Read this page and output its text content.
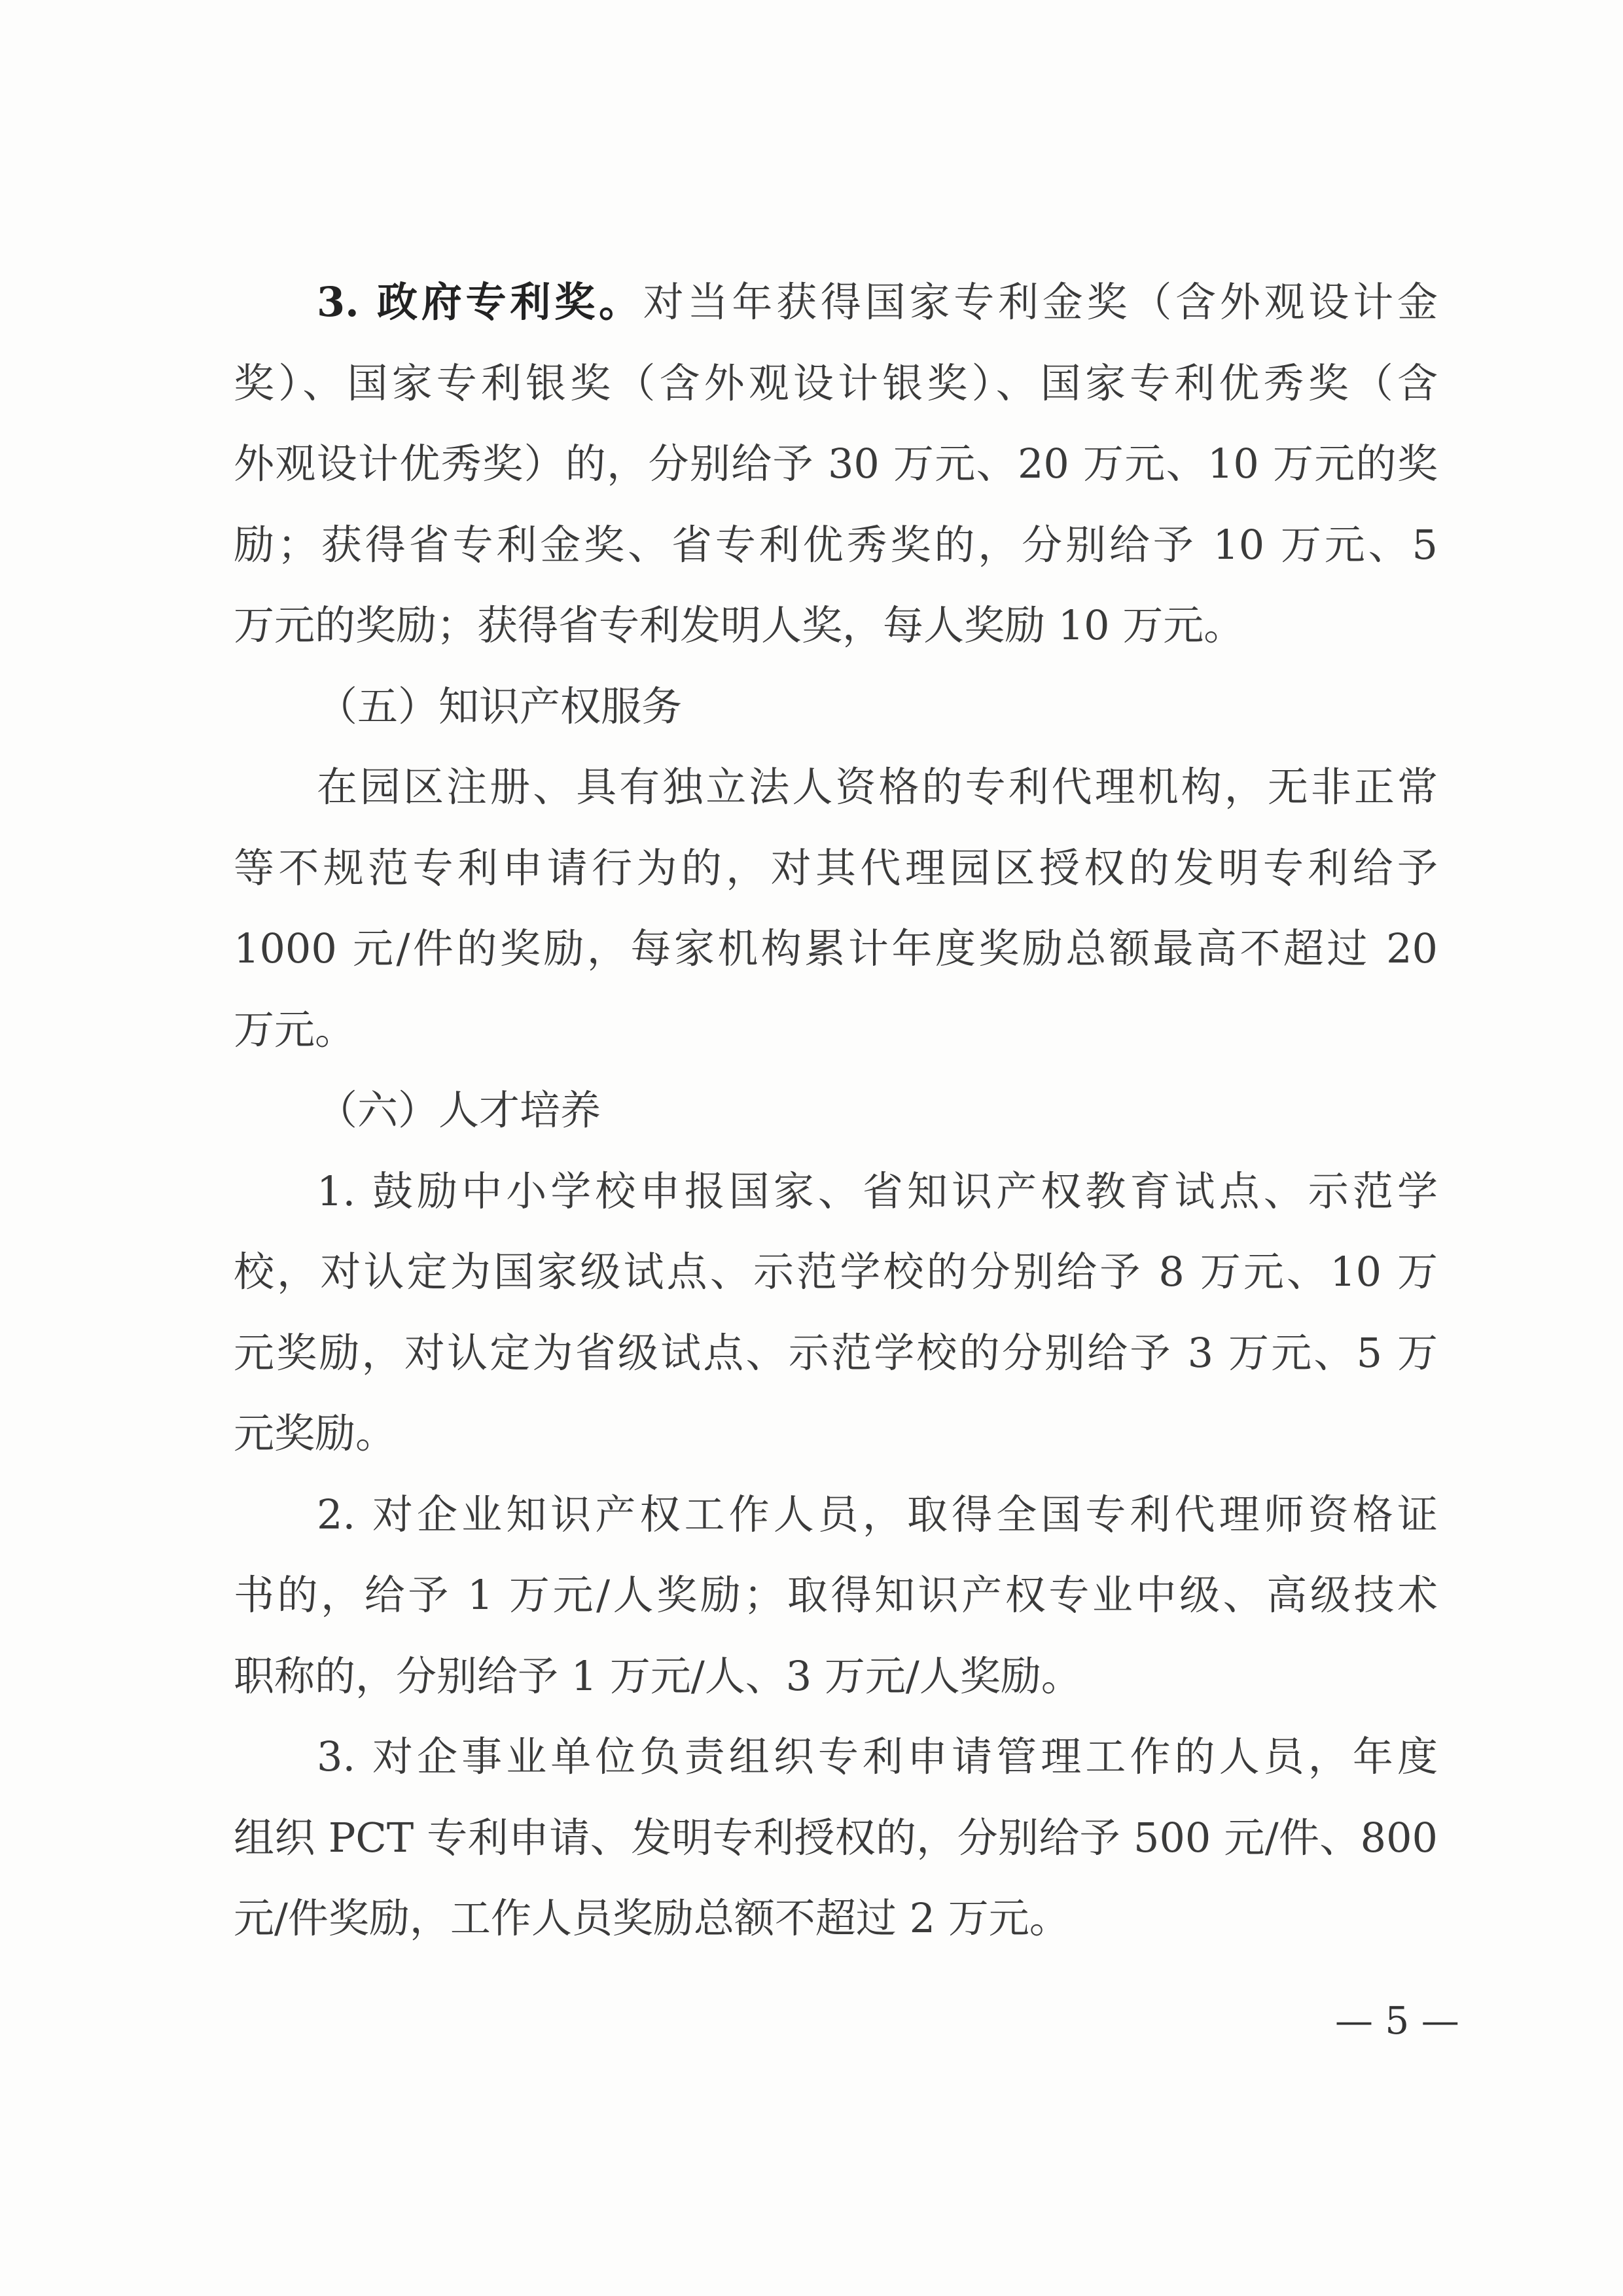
3. 政府专利奖。对当年获得国家专利金奖（含外观设计金
奖）、国家专利银奖（含外观设计银奖）、国家专利优秀奖（含
外观设计优秀奖）的，分别给予 30 万元、20 万元、10 万元的奖
励；获得省专利金奖、省专利优秀奖的，分别给予 10 万元、5
万元的奖励；获得省专利发明人奖，每人奖励 10 万元。
（五）知识产权服务
在园区注册、具有独立法人资格的专利代理机构，无非正常
等不规范专利申请行为的，对其代理园区授权的发明专利给予
1000 元/件的奖励，每家机构累计年度奖励总额最高不超过 20
万元。
（六）人才培养
1. 鼓励中小学校申报国家、省知识产权教育试点、示范学
校，对认定为国家级试点、示范学校的分别给予 8 万元、10 万
元奖励，对认定为省级试点、示范学校的分别给予 3 万元、5 万
元奖励。
2. 对企业知识产权工作人员，取得全国专利代理师资格证
书的，给予 1 万元/人奖励；取得知识产权专业中级、高级技术
职称的，分别给予 1 万元/人、3 万元/人奖励。
3. 对企事业单位负责组织专利申请管理工作的人员，年度
组织 PCT 专利申请、发明专利授权的，分别给予 500 元/件、800
元/件奖励，工作人员奖励总额不超过 2 万元。
— 5 —
